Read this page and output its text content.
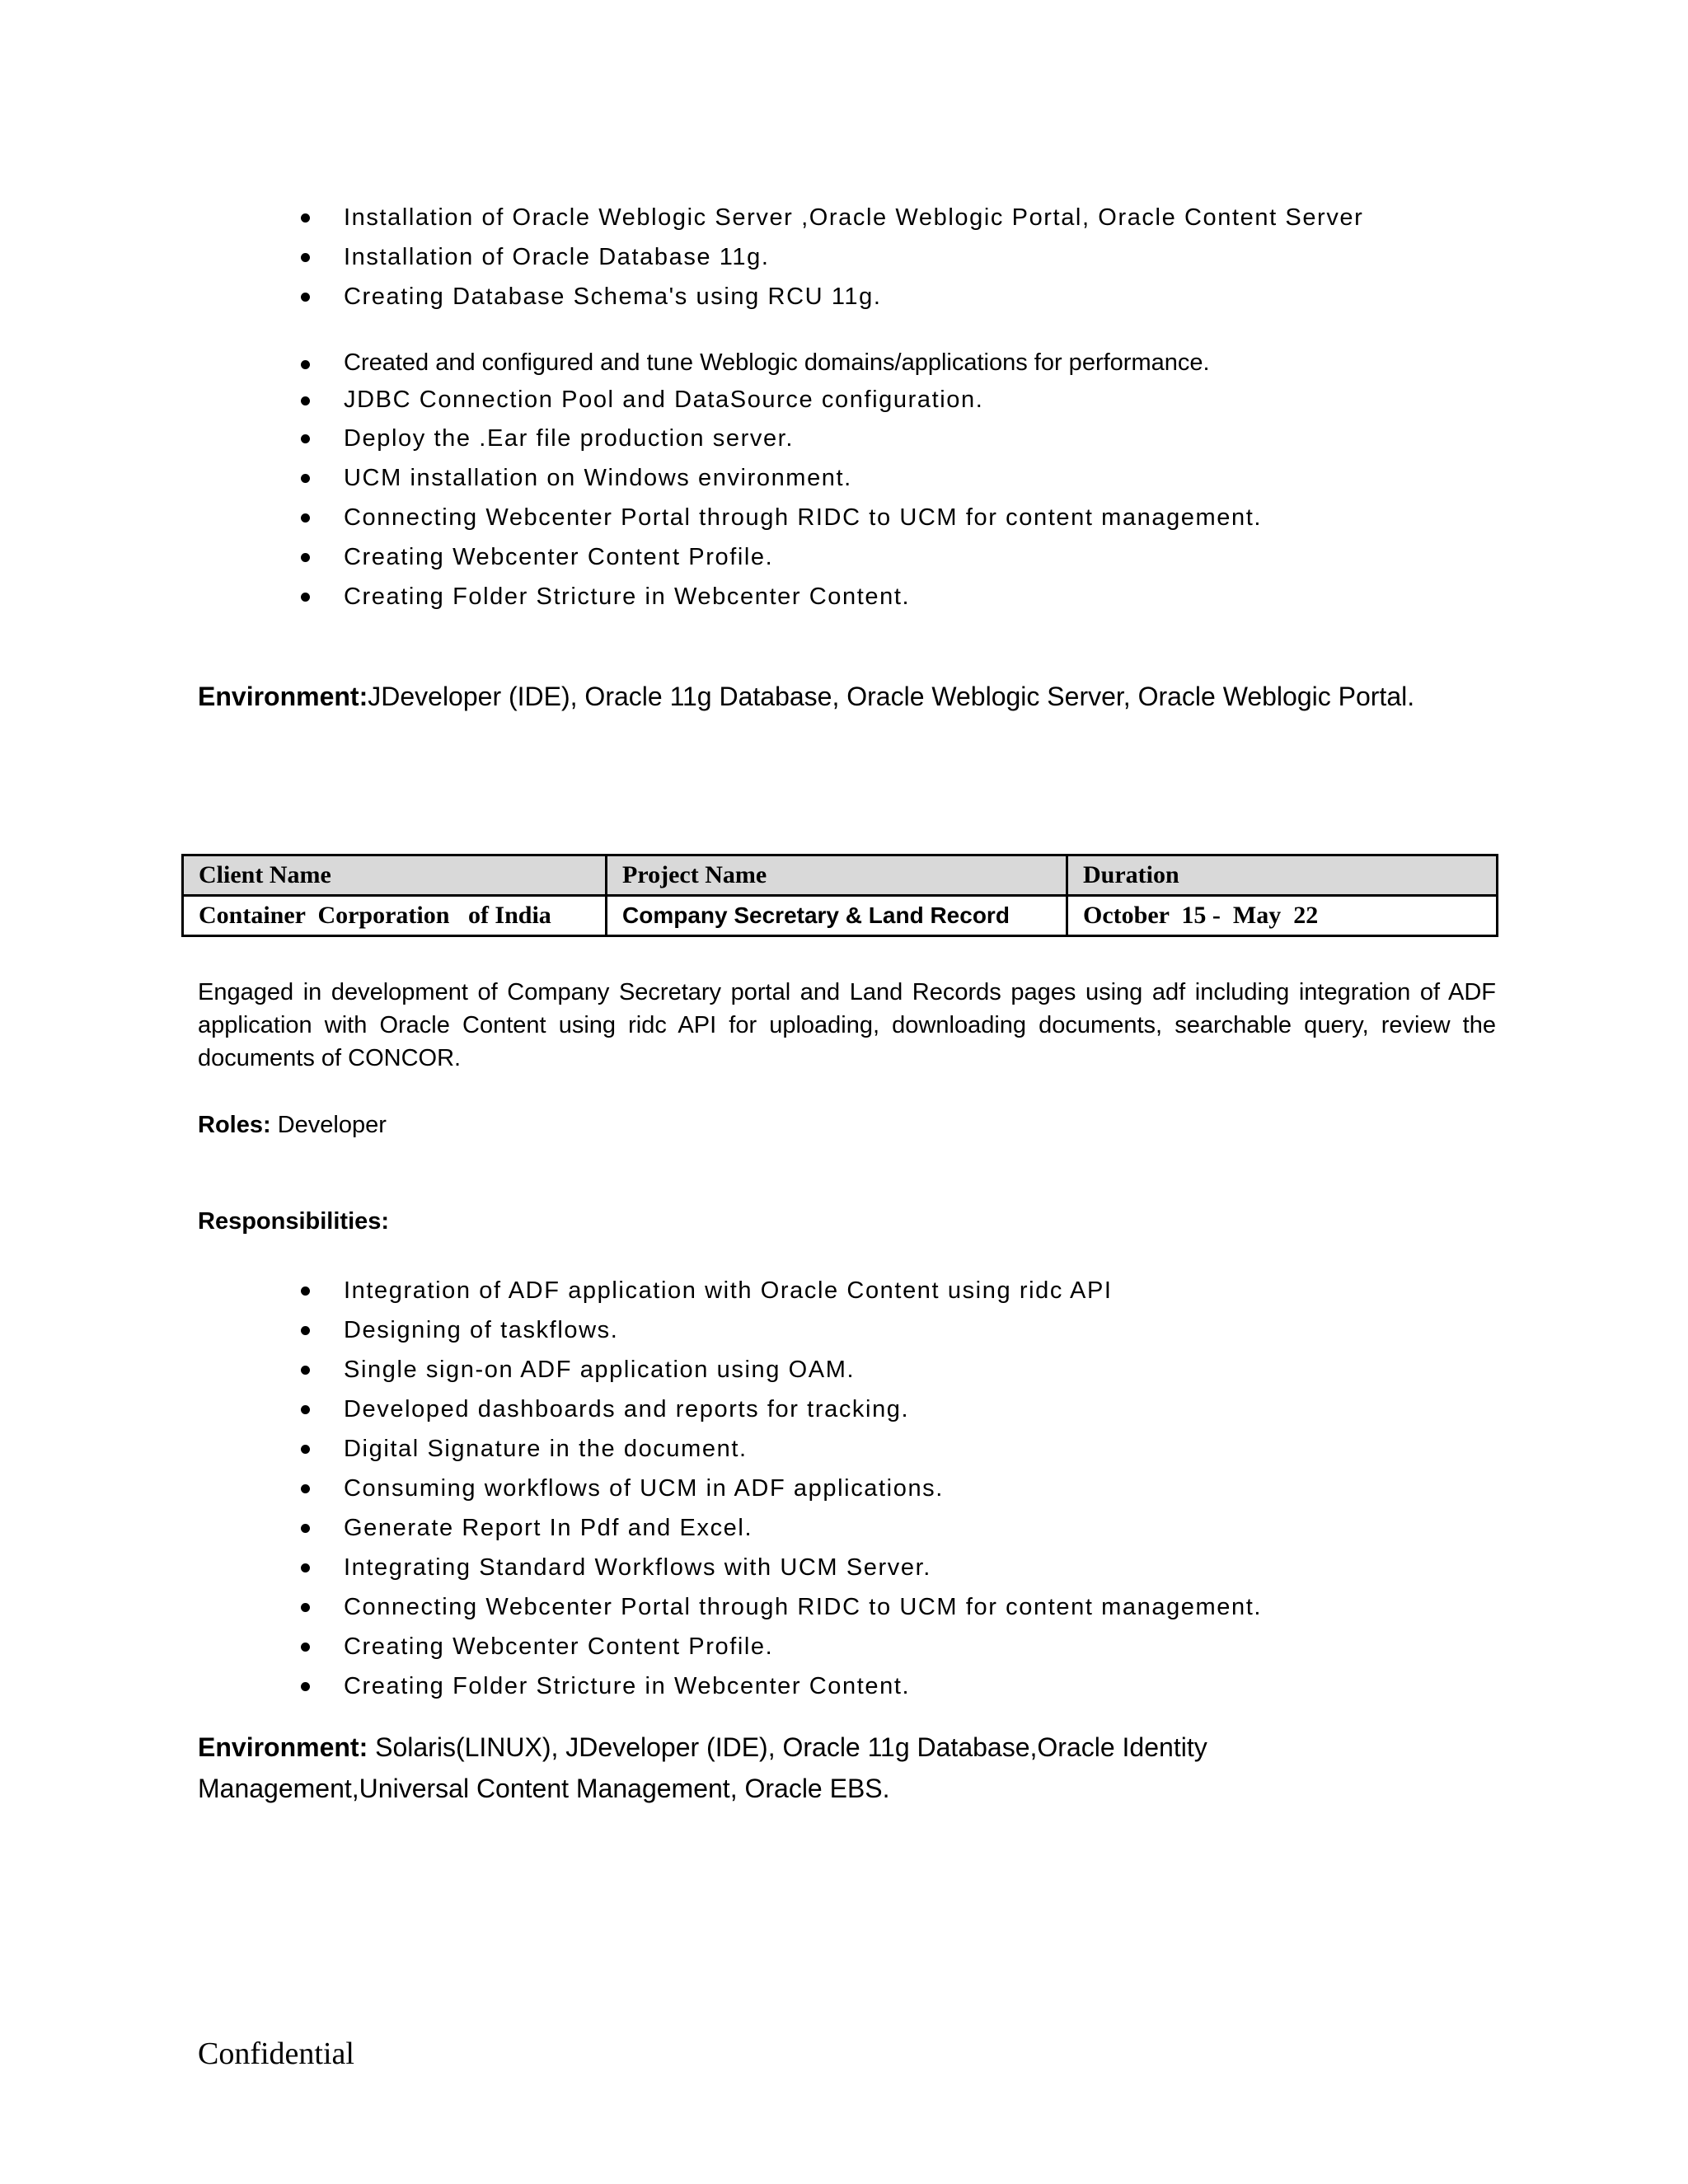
Installation of Oracle Weblogic Server ,Oracle Weblogic Portal, Oracle Content Server
Installation of Oracle Database 11g.
Creating Database Schema's using RCU 11g.
Created and configured and tune Weblogic domains/applications for performance.
JDBC Connection Pool and DataSource configuration.
Deploy the .Ear file production server.
UCM installation on Windows environment.
Connecting Webcenter Portal through RIDC to UCM for content management.
Creating Webcenter Content Profile.
Creating Folder Stricture in Webcenter Content.
Environment:JDeveloper (IDE), Oracle 11g Database, Oracle Weblogic Server, Oracle Weblogic Portal.
Client Name	Project Name	Duration
Container  Corporation   of India	Company Secretary & Land Record	October  15 -  May  22
Engaged in development of Company Secretary portal and Land Records pages using adf including integration of ADF application with Oracle Content using ridc API for uploading, downloading documents, searchable query, review the documents of CONCOR.
Roles: Developer
Responsibilities:
Integration of ADF application with Oracle Content using ridc API
Designing of taskflows.
Single sign-on ADF application using OAM.
Developed dashboards and reports for tracking.
Digital Signature in the document.
Consuming workflows of UCM in ADF applications.
Generate Report In Pdf and Excel.
Integrating Standard Workflows with UCM Server.
Connecting Webcenter Portal through RIDC to UCM for content management.
Creating Webcenter Content Profile.
Creating Folder Stricture in Webcenter Content.
Environment: Solaris(LINUX), JDeveloper (IDE), Oracle 11g Database,Oracle Identity Management,Universal Content Management, Oracle EBS.
Confidential
